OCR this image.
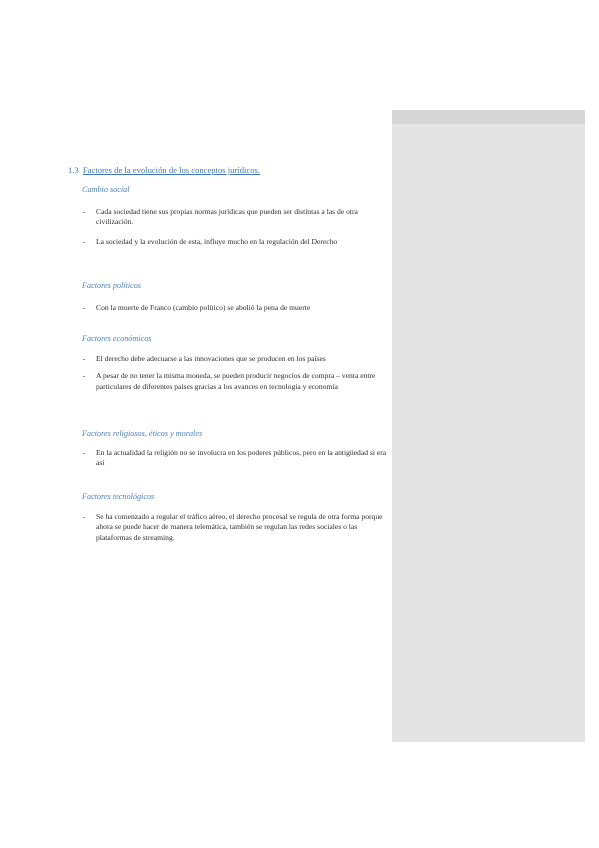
1.3 Factores de la evolución de los conceptos jurídicos.
Cambio social
- Cada sociedad tiene sus propias normas jurídicas que pueden ser distintas a las de otra civilización.
- La sociedad y la evolución de esta, influye mucho en la regulación del Derecho
Factores políticos
- Con la muerte de Franco (cambio político) se abolió la pena de muerte
Factores económicos
- El derecho debe adecuarse a las innovaciones que se producen en los países
- A pesar de no tener la misma moneda, se pueden producir negocios de compra – venta entre particulares de diferentes países gracias a los avances en tecnología y economía
Factores religiosos, éticos y morales
- En la actualidad la religión no se involucra en los poderes públicos, pero en la antigüedad si era así
Factores tecnológicos
- Se ha comenzado a regular el tráfico aéreo, el derecho procesal se regula de otra forma porque ahora se puede hacer de manera telemática, también se regulan las redes sociales o las plataformas de streaming.
